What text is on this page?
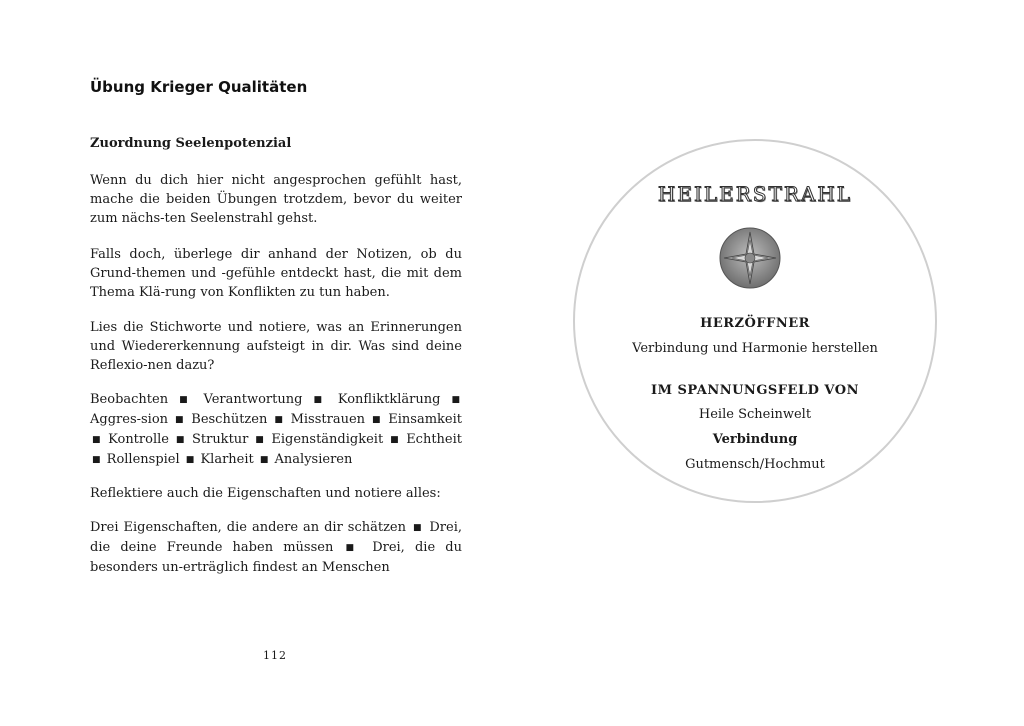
Übung Krieger Qualitäten
Zuordnung Seelenpotenzial

Wenn du dich hier nicht angesprochen gefühlt hast, mache die beiden Übungen trotzdem, bevor du weiter zum nächs-ten Seelenstrahl gehst.

Falls doch, überlege dir anhand der Notizen, ob du Grund-themen und -gefühle entdeckt hast, die mit dem Thema Klä-rung von Konflikten zu tun haben.

Lies die Stichworte und notiere, was an Erinnerungen und Wiedererkennung aufsteigt in dir. Was sind deine Reflexio-nen dazu?

Beobachten ■ Verantwortung ■ Konfliktklärung ■ Aggres-sion ■ Beschützen ■ Misstrauen ■ Einsamkeit ■ Kontrolle ■ Struktur ■ Eigenständigkeit ■ Echtheit ■ Rollenspiel ■ Klarheit ■ Analysieren

Reflektiere auch die Eigenschaften und notiere alles:

Drei Eigenschaften, die andere an dir schätzen ■ Drei, die deine Freunde haben müssen ■ Drei, die du besonders un-erträglich findest an Menschen

112
HEILERSTRAHL
HERZÖFFNER
Verbindung und Harmonie herstellen
IM SPANNUNGSFELD VON
Heile Scheinwelt
Verbindung
Gutmensch/Hochmut
